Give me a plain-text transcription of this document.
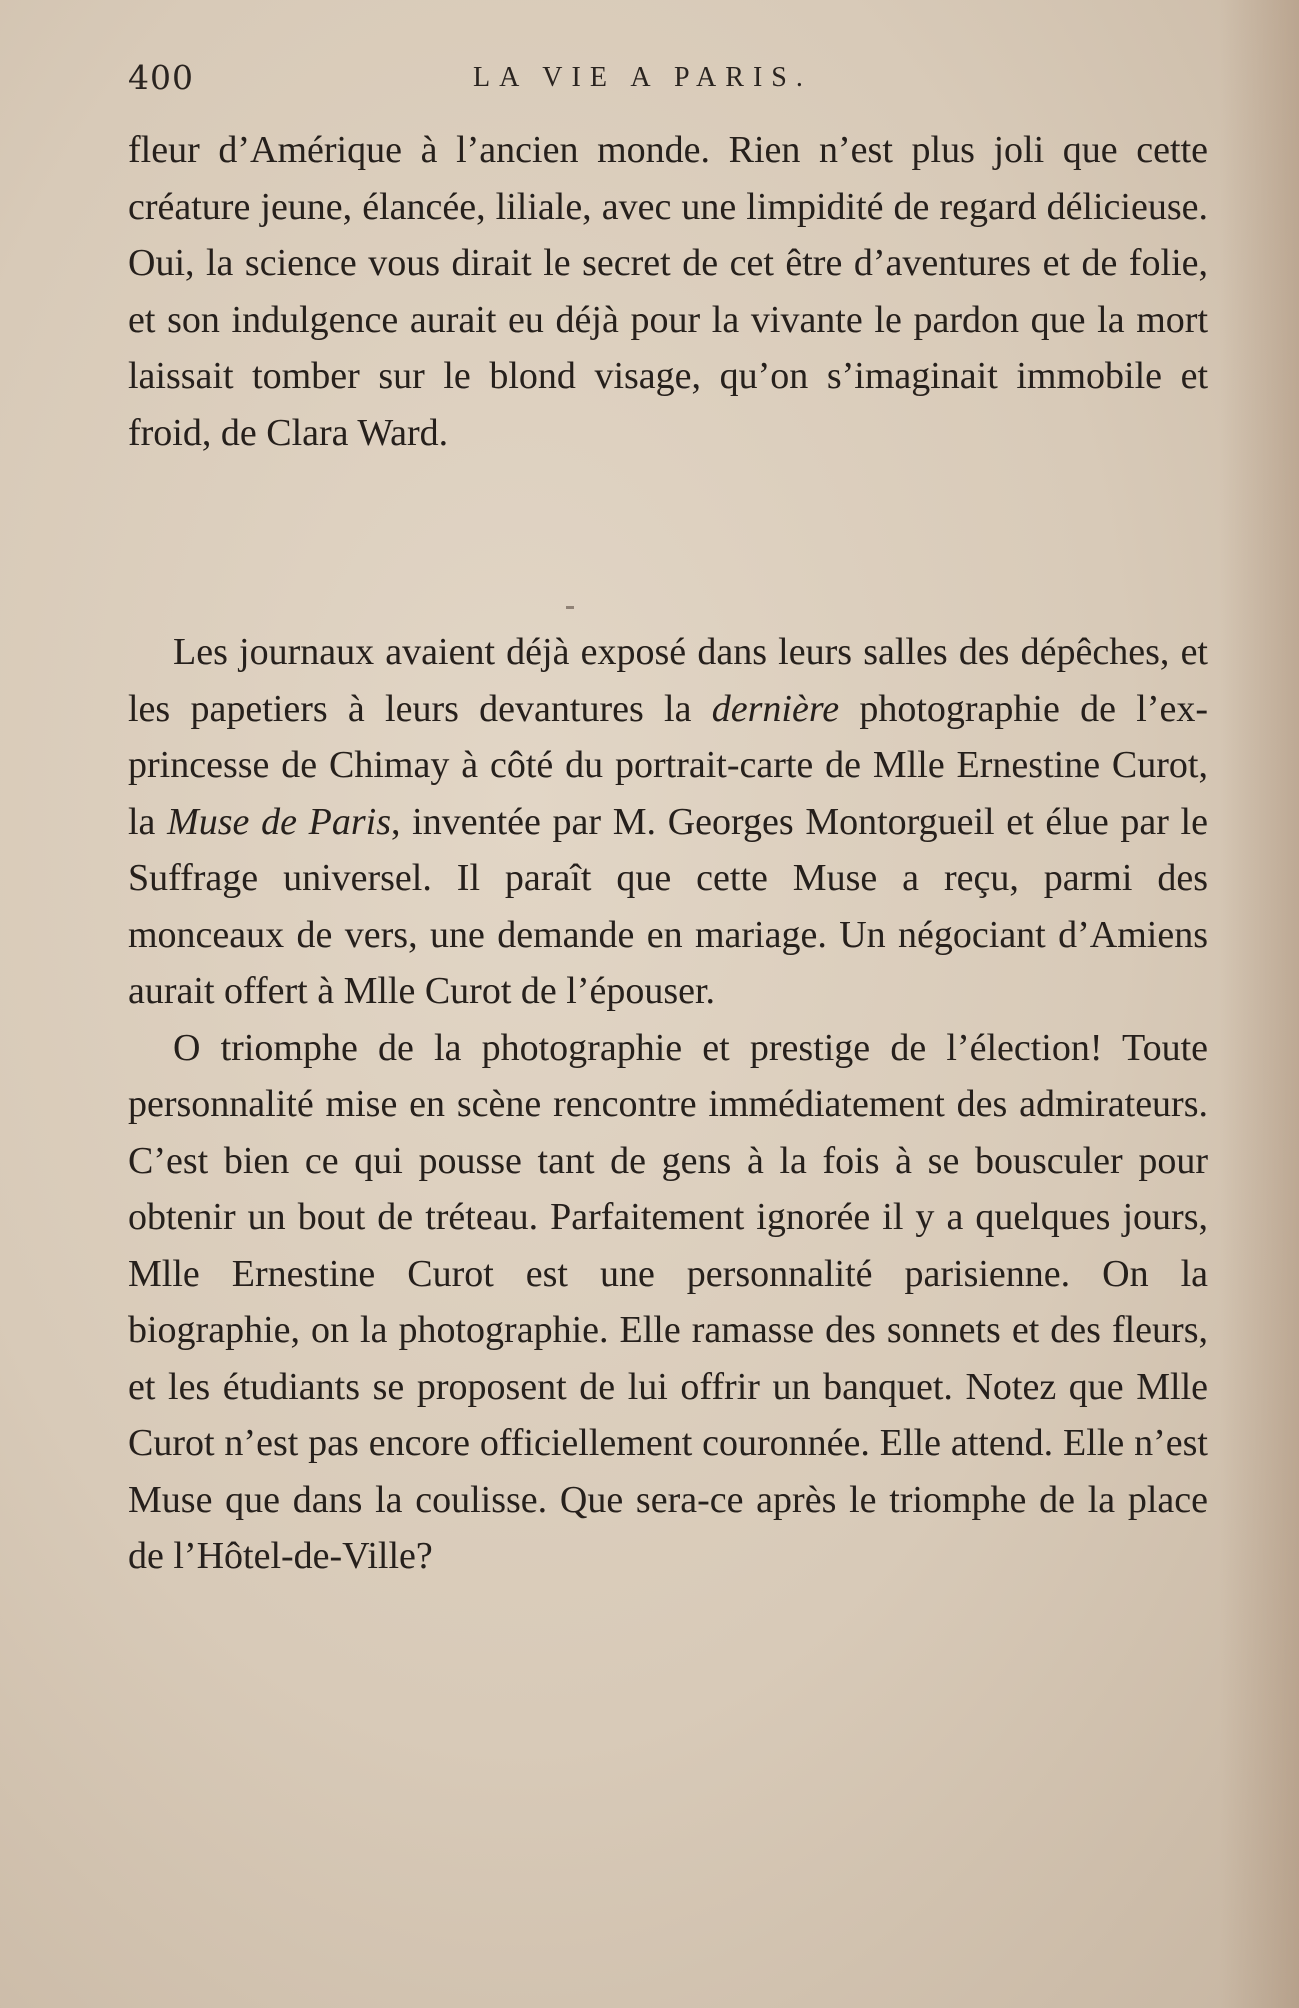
400	LA VIE A PARIS.

fleur d’Amérique à l’ancien monde. Rien n’est plus joli que cette créature jeune, élancée, liliale, avec une limpidité de regard délicieuse. Oui, la science vous dirait le secret de cet être d’aventures et de folie, et son indulgence aurait eu déjà pour la vivante le pardon que la mort laissait tomber sur le blond visage, qu’on s’imaginait immobile et froid, de Clara Ward.

Les journaux avaient déjà exposé dans leurs salles des dépêches, et les papetiers à leurs devantures la dernière photographie de l’ex-princesse de Chimay à côté du portrait-carte de Mlle Ernestine Curot, la Muse de Paris, inventée par M. Georges Montorgueil et élue par le Suffrage universel. Il paraît que cette Muse a reçu, parmi des monceaux de vers, une demande en mariage. Un négociant d’Amiens aurait offert à Mlle Curot de l’épouser.

O triomphe de la photographie et prestige de l’élection! Toute personnalité mise en scène rencontre immédiatement des admirateurs. C’est bien ce qui pousse tant de gens à la fois à se bousculer pour obtenir un bout de tréteau. Parfaitement ignorée il y a quelques jours, Mlle Ernestine Curot est une personnalité parisienne. On la biographie, on la photographie. Elle ramasse des sonnets et des fleurs, et les étudiants se proposent de lui offrir un banquet. Notez que Mlle Curot n’est pas encore officiellement couronnée. Elle attend. Elle n’est Muse que dans la coulisse. Que sera-ce après le triomphe de la place de l’Hôtel-de-Ville?
